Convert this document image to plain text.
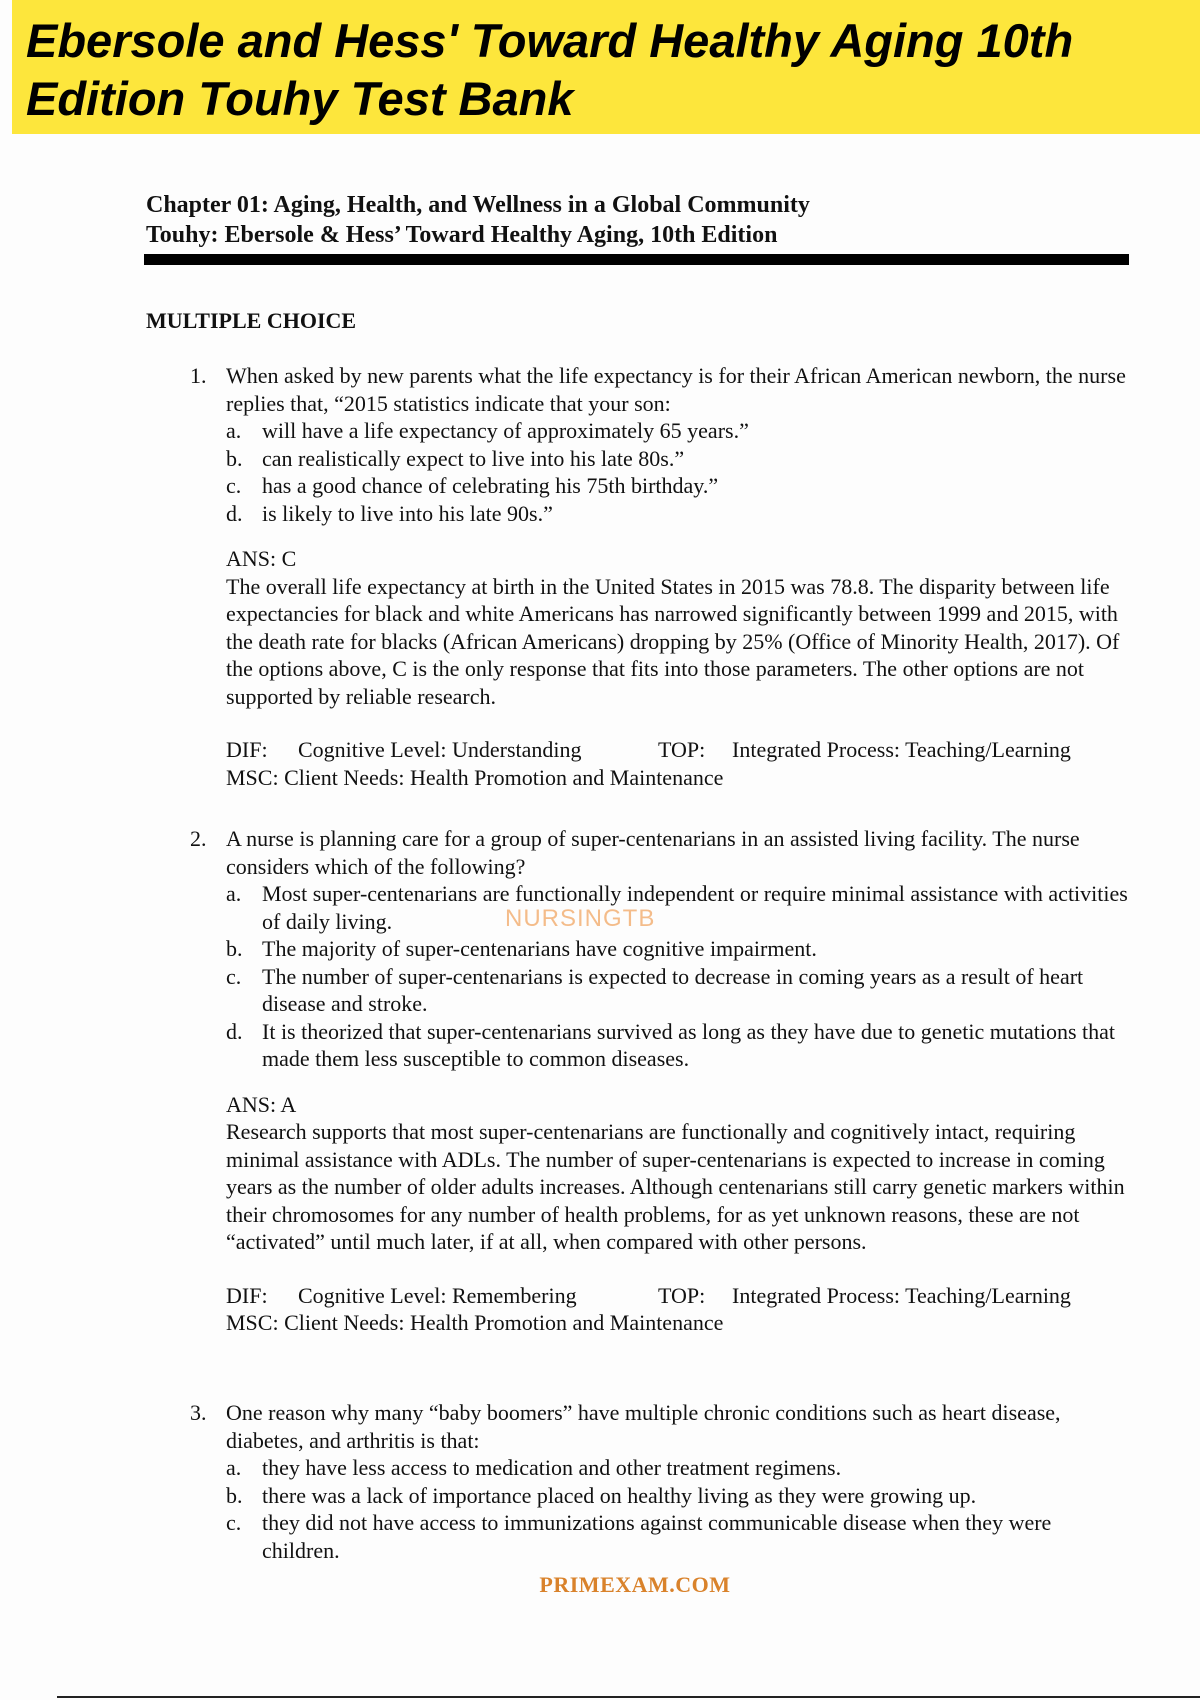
Ebersole and Hess' Toward Healthy Aging 10th Edition Touhy Test Bank
Chapter 01: Aging, Health, and Wellness in a Global Community
Touhy: Ebersole & Hess’ Toward Healthy Aging, 10th Edition
MULTIPLE CHOICE
1. When asked by new parents what the life expectancy is for their African American newborn, the nurse replies that, “2015 statistics indicate that your son:
a. will have a life expectancy of approximately 65 years.”
b. can realistically expect to live into his late 80s.”
c. has a good chance of celebrating his 75th birthday.”
d. is likely to live into his late 90s.”
ANS: C
The overall life expectancy at birth in the United States in 2015 was 78.8. The disparity between life expectancies for black and white Americans has narrowed significantly between 1999 and 2015, with the death rate for blacks (African Americans) dropping by 25% (Office of Minority Health, 2017). Of the options above, C is the only response that fits into those parameters. The other options are not supported by reliable research.
DIF:	Cognitive Level: Understanding	TOP:	Integrated Process: Teaching/Learning
MSC: Client Needs: Health Promotion and Maintenance
2. A nurse is planning care for a group of super-centenarians in an assisted living facility. The nurse considers which of the following?
a. Most super-centenarians are functionally independent or require minimal assistance with activities of daily living.
b. The majority of super-centenarians have cognitive impairment.
c. The number of super-centenarians is expected to decrease in coming years as a result of heart disease and stroke.
d. It is theorized that super-centenarians survived as long as they have due to genetic mutations that made them less susceptible to common diseases.
ANS: A
Research supports that most super-centenarians are functionally and cognitively intact, requiring minimal assistance with ADLs. The number of super-centenarians is expected to increase in coming years as the number of older adults increases. Although centenarians still carry genetic markers within their chromosomes for any number of health problems, for as yet unknown reasons, these are not “activated” until much later, if at all, when compared with other persons.
DIF:	Cognitive Level: Remembering	TOP:	Integrated Process: Teaching/Learning
MSC: Client Needs: Health Promotion and Maintenance
3. One reason why many “baby boomers” have multiple chronic conditions such as heart disease, diabetes, and arthritis is that:
a. they have less access to medication and other treatment regimens.
b. there was a lack of importance placed on healthy living as they were growing up.
c. they did not have access to immunizations against communicable disease when they were children.
NURSINGTB
PRIMEXAM.COM
